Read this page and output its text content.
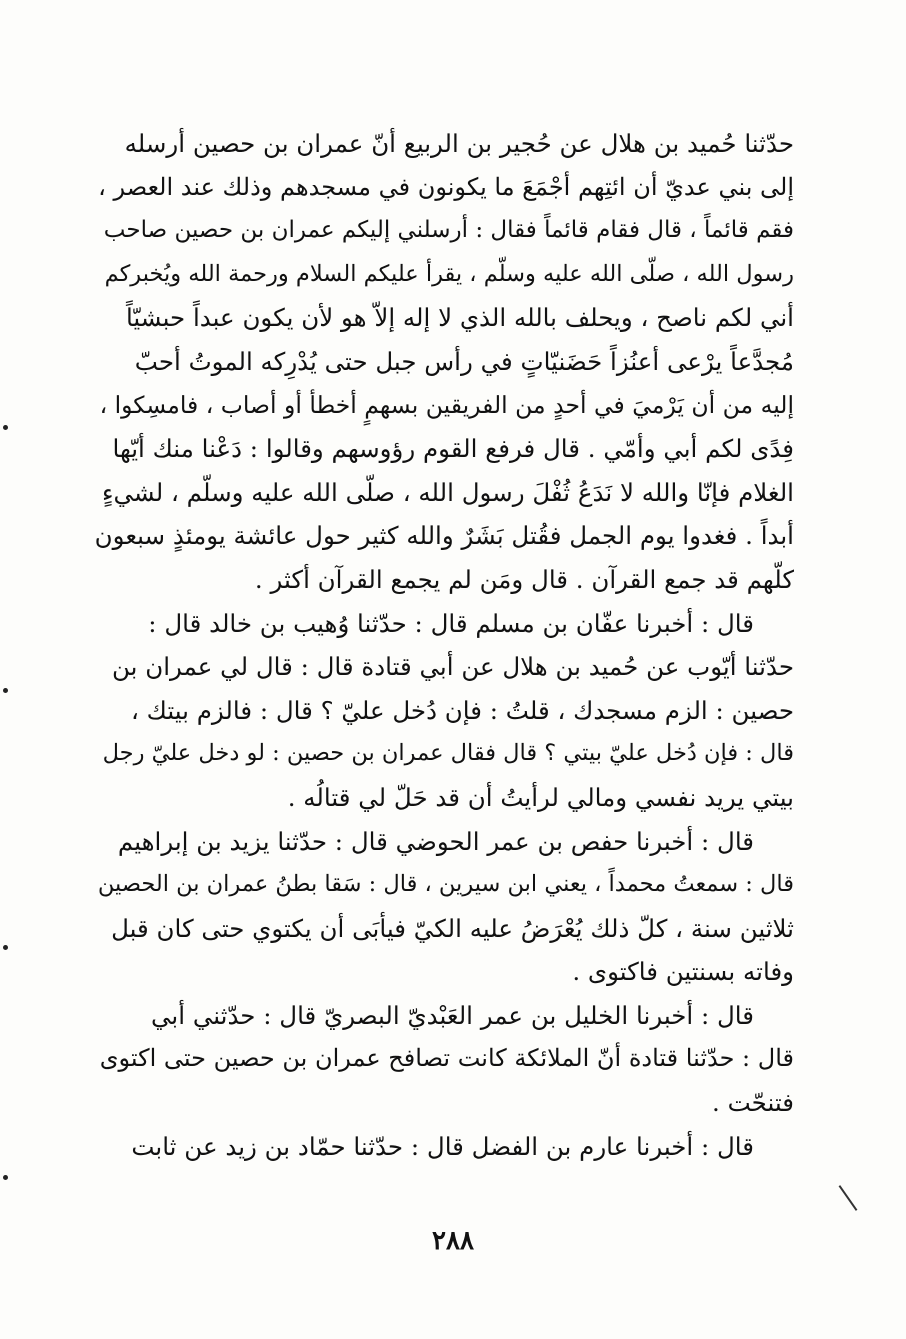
حدّثنا حُميد بن هلال عن حُجير بن الربيع أنّ عمران بن حصين أرسله
إلى بني عديّ أن ائتِهم أجْمَعَ ما يكونون في مسجدهم وذلك عند العصر ،
فقم قائماً ، قال فقام قائماً فقال : أرسلني إليكم عمران بن حصين صاحب
رسول الله ، صلّى الله عليه وسلّم ، يقرأ عليكم السلام ورحمة الله ويُخبركم
أني لكم ناصح ، ويحلف بالله الذي لا إله إلاّ هو لأن يكون عبداً حبشيّاً
مُجدَّعاً يرْعى أعنُزاً حَضَنيّاتٍ في رأس جبل حتى يُدْرِكه الموتُ أحبّ
إليه من أن يَرْميَ في أحدٍ من الفريقين بسهمٍ أخطأ أو أصاب ، فامسِكوا ،
فِدًى لكم أبي وأمّي . قال فرفع القوم رؤوسهم وقالوا : دَعْنا منك أيّها
الغلام فإنّا والله لا نَدَعُ ثُفْلَ رسول الله ، صلّى الله عليه وسلّم ، لشيءٍ
أبداً . فغدوا يوم الجمل فقُتل بَشَرٌ والله كثير حول عائشة يومئذٍ سبعون
كلّهم قد جمع القرآن . قال ومَن لم يجمع القرآن أكثر .
قال : أخبرنا عفّان بن مسلم قال : حدّثنا وُهيب بن خالد قال :
حدّثنا أيّوب عن حُميد بن هلال عن أبي قتادة قال : قال لي عمران بن
حصين : الزم مسجدك ، قلتُ : فإن دُخل عليّ ؟ قال : فالزم بيتك ،
قال : فإن دُخل عليّ بيتي ؟ قال فقال عمران بن حصين : لو دخل عليّ رجل
بيتي يريد نفسي ومالي لرأيتُ أن قد حَلّ لي قتالُه .
قال : أخبرنا حفص بن عمر الحوضي قال : حدّثنا يزيد بن إبراهيم
قال : سمعتُ محمداً ، يعني ابن سيرين ، قال : سَقا بطنُ عمران بن الحصين
ثلاثين سنة ، كلّ ذلك يُعْرَضُ عليه الكيّ فيأبَى أن يكتوي حتى كان قبل
وفاته بسنتين فاكتوى .
قال : أخبرنا الخليل بن عمر العَبْديّ البصريّ قال : حدّثني أبي
قال : حدّثنا قتادة أنّ الملائكة كانت تصافح عمران بن حصين حتى اكتوى
فتنحّت .
قال : أخبرنا عارم بن الفضل قال : حدّثنا حمّاد بن زيد عن ثابت
٢٨٨
